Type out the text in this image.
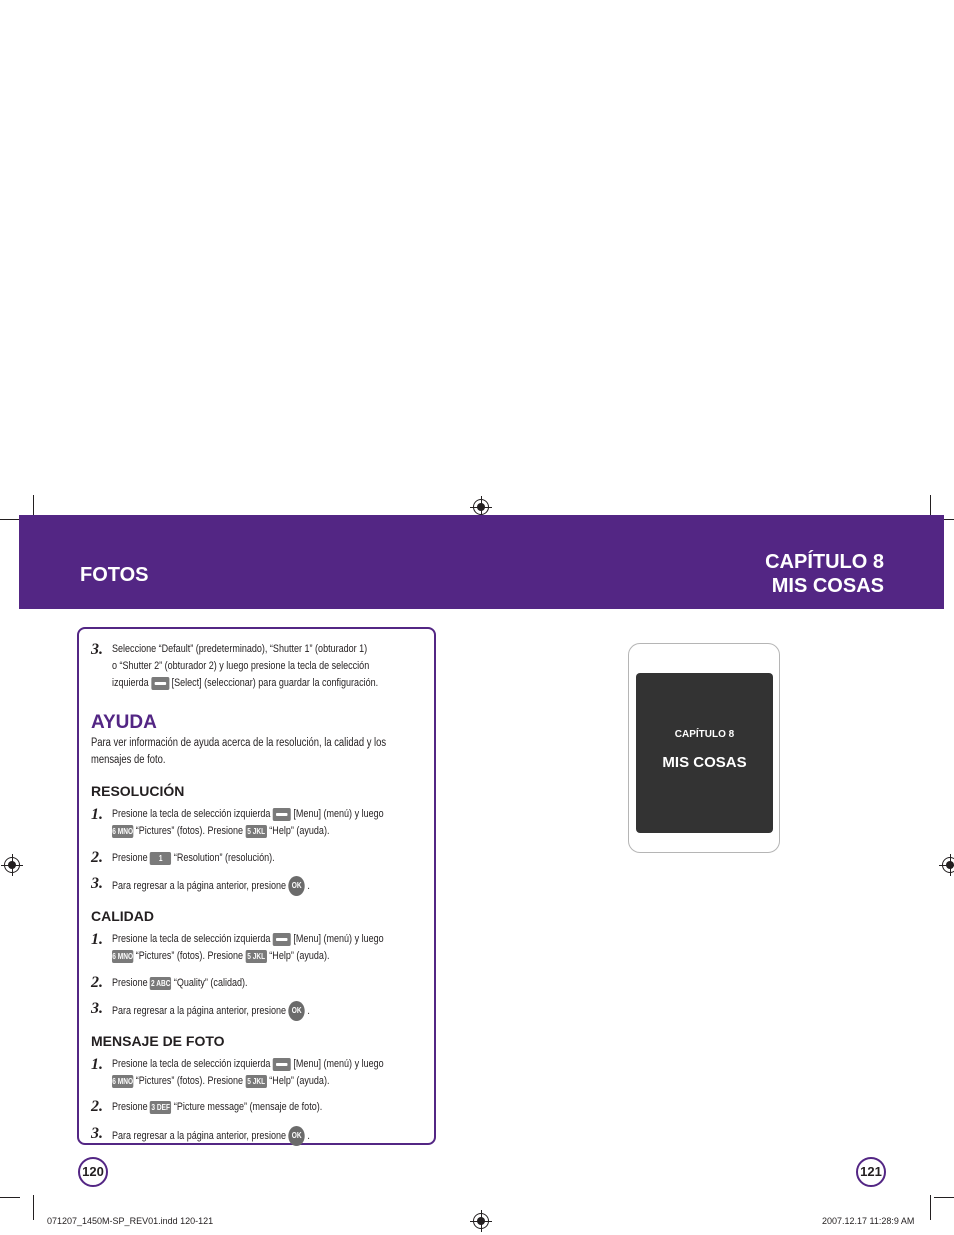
FOTOS
CAPÍTULO 8
MIS COSAS
3. Seleccione “Default” (predeterminado), “Shutter 1” (obturador 1)
o “Shutter 2” (obturador 2) y luego presione la tecla de selección
izquierda [Select] (seleccionar) para guardar la configuración.
AYUDA
Para ver información de ayuda acerca de la resolución, la calidad y los
mensajes de foto.
RESOLUCIÓN
1. Presione la tecla de selección izquierda [Menu] (menú) y luego
6 MNO “Pictures” (fotos). Presione 5 JKL “Help” (ayuda).
2. Presione 1 “Resolution” (resolución).
3. Para regresar a la página anterior, presione OK .
CALIDAD
1. Presione la tecla de selección izquierda [Menu] (menú) y luego
6 MNO “Pictures” (fotos). Presione 5 JKL “Help” (ayuda).
2. Presione 2 ABC “Quality” (calidad).
3. Para regresar a la página anterior, presione OK .
MENSAJE DE FOTO
1. Presione la tecla de selección izquierda [Menu] (menú) y luego
6 MNO “Pictures” (fotos). Presione 5 JKL “Help” (ayuda).
2. Presione 3 DEF “Picture message” (mensaje de foto).
3. Para regresar a la página anterior, presione OK .
CAPÍTULO 8
MIS COSAS
120	121
071207_1450M-SP_REV01.indd 120-121	2007.12.17 11:28:9 AM
